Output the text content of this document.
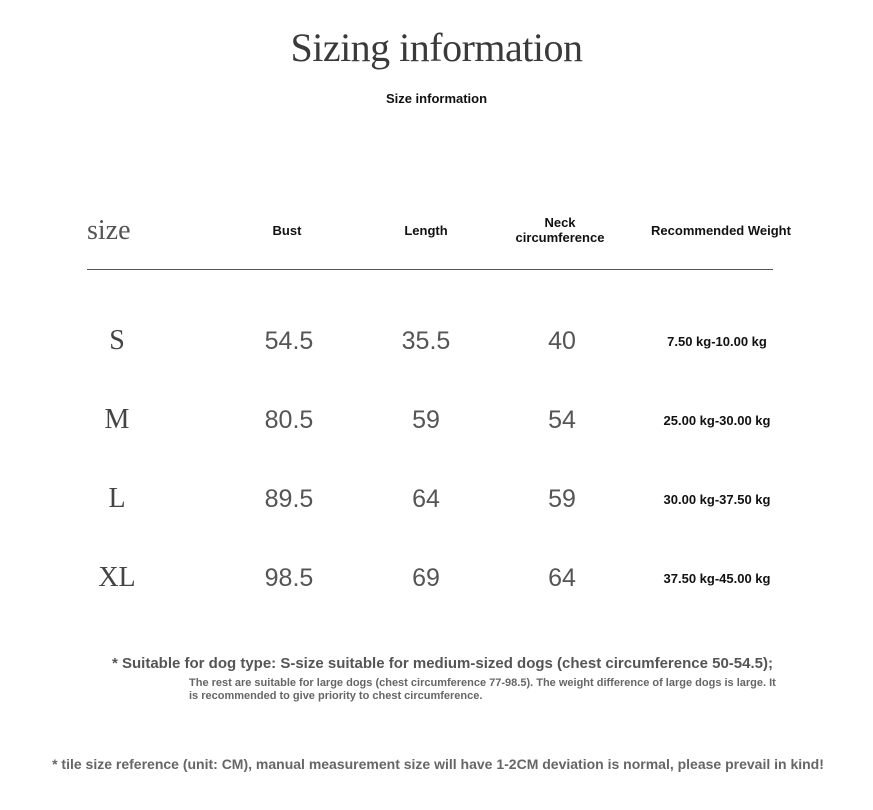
Sizing information
Size information
size	Bust	Length	Neck circumference	Recommended Weight
S	54.5	35.5	40	7.50 kg-10.00 kg
M	80.5	59	54	25.00 kg-30.00 kg
L	89.5	64	59	30.00 kg-37.50 kg
XL	98.5	69	64	37.50 kg-45.00 kg
* Suitable for dog type: S-size suitable for medium-sized dogs (chest circumference 50-54.5);
The rest are suitable for large dogs (chest circumference 77-98.5). The weight difference of large dogs is large. It is recommended to give priority to chest circumference.
* tile size reference (unit: CM), manual measurement size will have 1-2CM deviation is normal, please prevail in kind!
